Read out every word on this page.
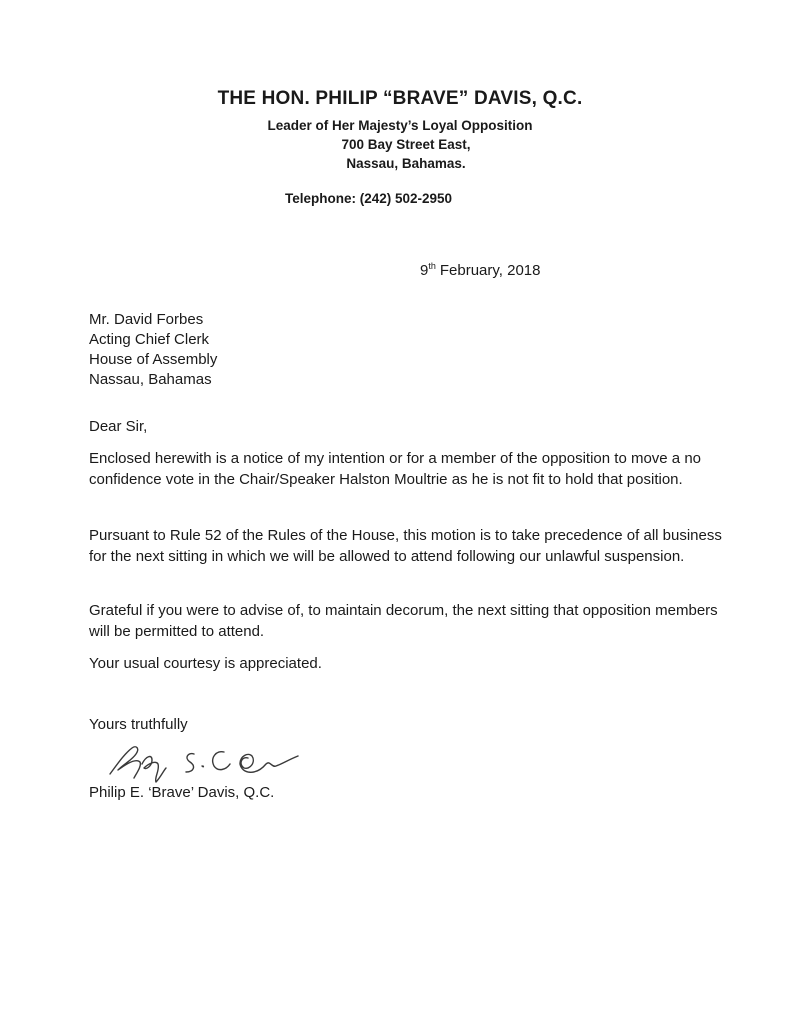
THE HON. PHILIP “BRAVE” DAVIS, Q.C.
Leader of Her Majesty’s Loyal Opposition
700 Bay Street East,
Nassau, Bahamas.
Telephone: (242) 502-2950
9th February, 2018
Mr. David Forbes
Acting Chief Clerk
House of Assembly
Nassau, Bahamas
Dear Sir,
Enclosed herewith is a notice of my intention or for a member of the opposition to move a no confidence vote in the Chair/Speaker Halston Moultrie as he is not fit to hold that position.
Pursuant to Rule 52 of the Rules of the House, this motion is to take precedence of all business for the next sitting in which we will be allowed to attend following our unlawful suspension.
Grateful if you were to advise of, to maintain decorum, the next sitting that opposition members will be permitted to attend.
Your usual courtesy is appreciated.
Yours truthfully
Philip E. ‘Brave’ Davis, Q.C.
